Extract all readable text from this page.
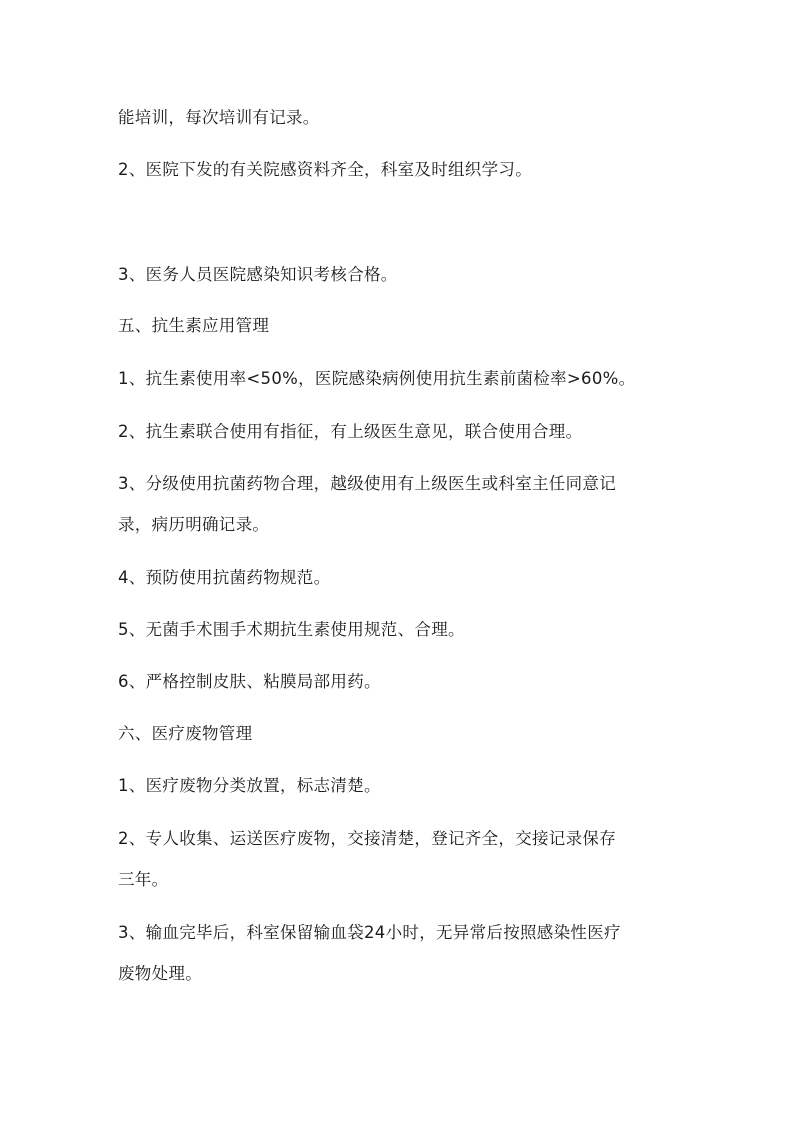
能培训，每次培训有记录。
2、医院下发的有关院感资料齐全，科室及时组织学习。
3、医务人员医院感染知识考核合格。
五、抗生素应用管理
1、抗生素使用率<50%，医院感染病例使用抗生素前菌检率>60%。
2、抗生素联合使用有指征，有上级医生意见，联合使用合理。
3、分级使用抗菌药物合理，越级使用有上级医生或科室主任同意记
录，病历明确记录。
4、预防使用抗菌药物规范。
5、无菌手术围手术期抗生素使用规范、合理。
6、严格控制皮肤、粘膜局部用药。
六、医疗废物管理
1、医疗废物分类放置，标志清楚。
2、专人收集、运送医疗废物，交接清楚，登记齐全，交接记录保存
三年。
3、输血完毕后，科室保留输血袋24小时，无异常后按照感染性医疗
废物处理。
